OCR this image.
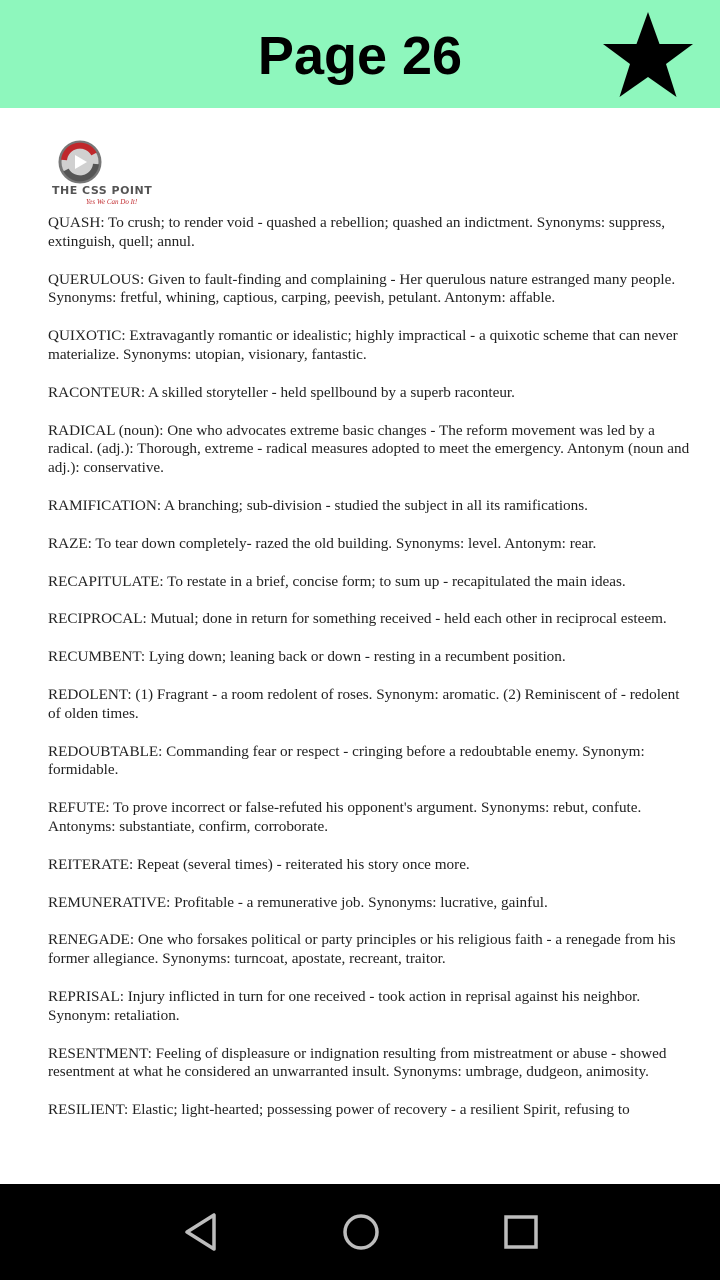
Page 26
THE CSS POINT
Yes We Can Do It!

QUASH: To crush; to render void - quashed a rebellion; quashed an indictment. Synonyms: suppress, extinguish, quell; annul.

QUERULOUS: Given to fault-finding and complaining - Her querulous nature estranged many people. Synonyms: fretful, whining, captious, carping, peevish, petulant. Antonym: affable.

QUIXOTIC: Extravagantly romantic or idealistic; highly impractical - a quixotic scheme that can never materialize. Synonyms: utopian, visionary, fantastic.

RACONTEUR: A skilled storyteller - held spellbound by a superb raconteur.

RADICAL (noun): One who advocates extreme basic changes - The reform movement was led by a radical. (adj.): Thorough, extreme - radical measures adopted to meet the emergency. Antonym (noun and adj.): conservative.

RAMIFICATION: A branching; sub-division - studied the subject in all its ramifications.

RAZE: To tear down completely- razed the old building. Synonyms: level. Antonym: rear.

RECAPITULATE: To restate in a brief, concise form; to sum up - recapitulated the main ideas.

RECIPROCAL: Mutual; done in return for something received - held each other in reciprocal esteem.

RECUMBENT: Lying down; leaning back or down - resting in a recumbent position.

REDOLENT: (1) Fragrant - a room redolent of roses. Synonym: aromatic. (2) Reminiscent of - redolent of olden times.

REDOUBTABLE: Commanding fear or respect - cringing before a redoubtable enemy. Synonym: formidable.

REFUTE: To prove incorrect or false-refuted his opponent's argument. Synonyms: rebut, confute. Antonyms: substantiate, confirm, corroborate.

REITERATE: Repeat (several times) - reiterated his story once more.

REMUNERATIVE: Profitable - a remunerative job. Synonyms: lucrative, gainful.

RENEGADE: One who forsakes political or party principles or his religious faith - a renegade from his former allegiance. Synonyms: turncoat, apostate, recreant, traitor.

REPRISAL: Injury inflicted in turn for one received - took action in reprisal against his neighbor. Synonym: retaliation.

RESENTMENT: Feeling of displeasure or indignation resulting from mistreatment or abuse - showed resentment at what he considered an unwarranted insult. Synonyms: umbrage, dudgeon, animosity.

RESILIENT: Elastic; light-hearted; possessing power of recovery - a resilient Spirit, refusing to
